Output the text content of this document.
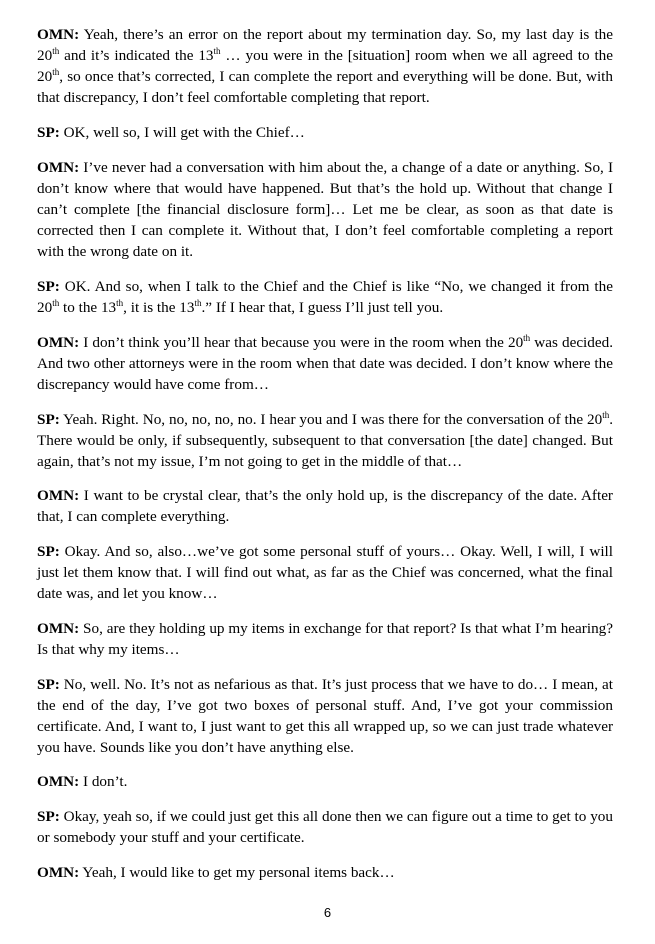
OMN: Yeah, there’s an error on the report about my termination day. So, my last day is the 20th and it’s indicated the 13th … you were in the [situation] room when we all agreed to the 20th, so once that’s corrected, I can complete the report and everything will be done. But, with that discrepancy, I don’t feel comfortable completing that report.

SP: OK, well so, I will get with the Chief…

OMN: I’ve never had a conversation with him about the, a change of a date or anything. So, I don’t know where that would have happened. But that’s the hold up. Without that change I can’t complete [the financial disclosure form]… Let me be clear, as soon as that date is corrected then I can complete it. Without that, I don’t feel comfortable completing a report with the wrong date on it.

SP: OK. And so, when I talk to the Chief and the Chief is like “No, we changed it from the 20th to the 13th, it is the 13th.” If I hear that, I guess I’ll just tell you.

OMN: I don’t think you’ll hear that because you were in the room when the 20th was decided. And two other attorneys were in the room when that date was decided. I don’t know where the discrepancy would have come from…

SP: Yeah. Right. No, no, no, no, no. I hear you and I was there for the conversation of the 20th. There would be only, if subsequently, subsequent to that conversation [the date] changed. But again, that’s not my issue, I’m not going to get in the middle of that…

OMN: I want to be crystal clear, that’s the only hold up, is the discrepancy of the date. After that, I can complete everything.

SP: Okay. And so, also…we’ve got some personal stuff of yours… Okay. Well, I will, I will just let them know that. I will find out what, as far as the Chief was concerned, what the final date was, and let you know…

OMN: So, are they holding up my items in exchange for that report? Is that what I’m hearing? Is that why my items…

SP: No, well. No. It’s not as nefarious as that. It’s just process that we have to do… I mean, at the end of the day, I’ve got two boxes of personal stuff. And, I’ve got your commission certificate. And, I want to, I just want to get this all wrapped up, so we can just trade whatever you have. Sounds like you don’t have anything else.

OMN: I don’t.

SP: Okay, yeah so, if we could just get this all done then we can figure out a time to get to you or somebody your stuff and your certificate.

OMN: Yeah, I would like to get my personal items back…

6
